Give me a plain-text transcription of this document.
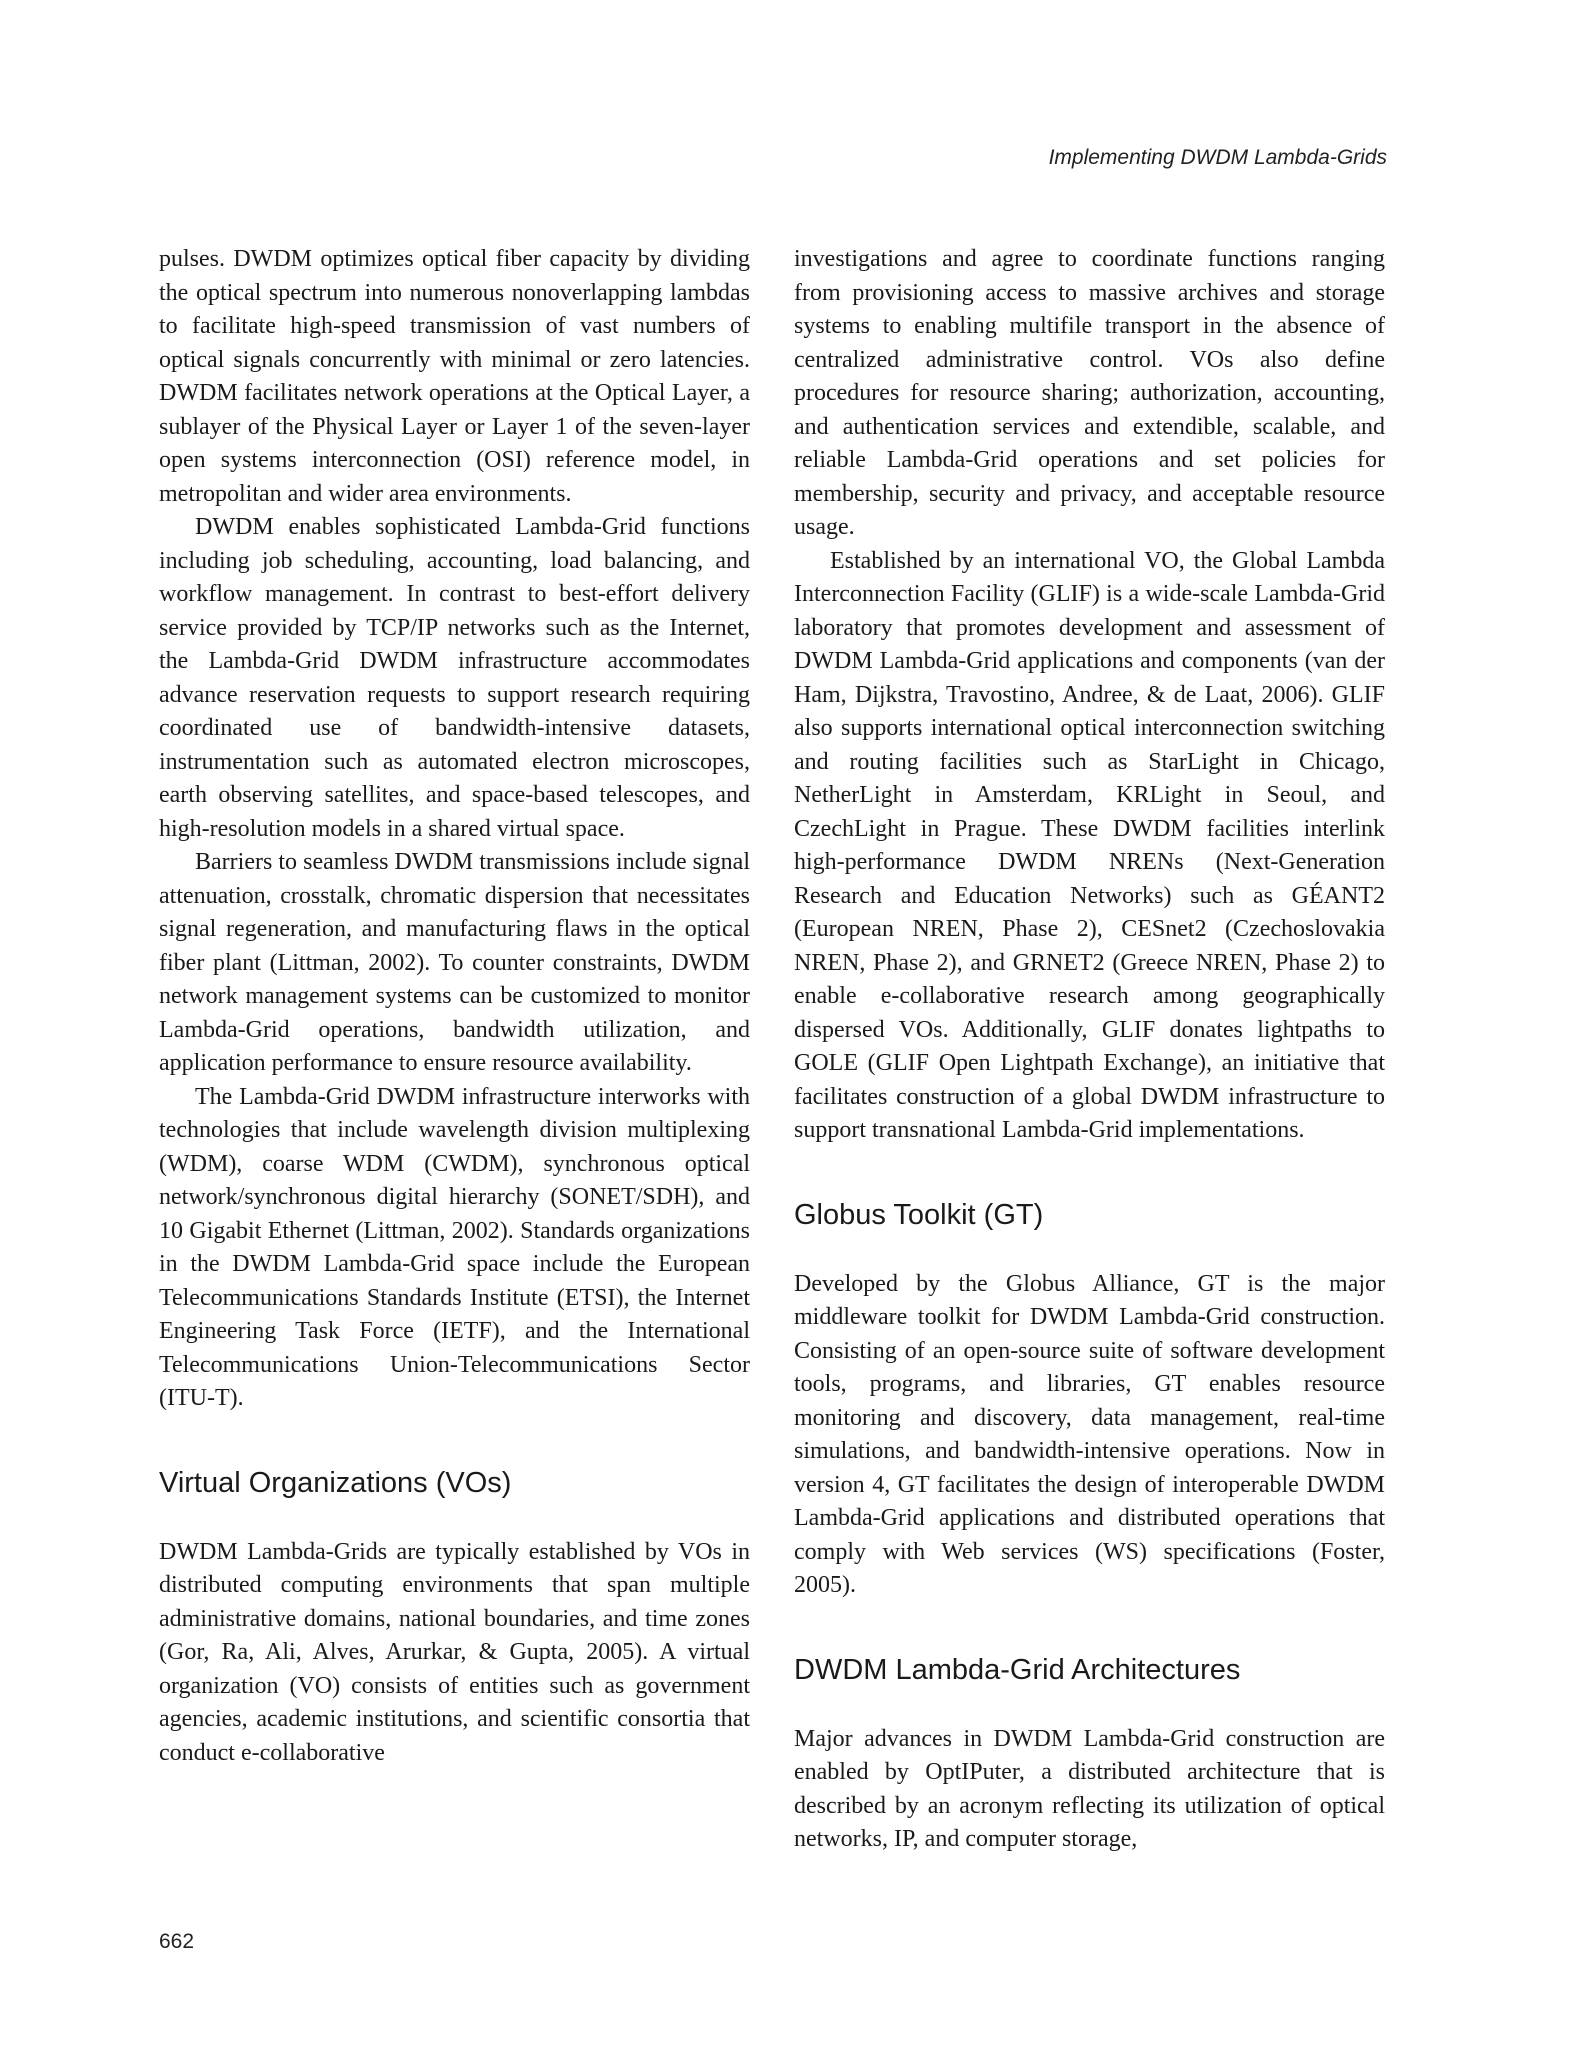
Implementing DWDM Lambda-Grids

pulses. DWDM optimizes optical fiber capacity by dividing the optical spectrum into numerous nonoverlapping lambdas to facilitate high-speed transmission of vast numbers of optical signals concurrently with minimal or zero latencies. DWDM facilitates network operations at the Optical Layer, a sublayer of the Physical Layer or Layer 1 of the seven-layer open systems interconnection (OSI) reference model, in metropolitan and wider area environments.

DWDM enables sophisticated Lambda-Grid functions including job scheduling, accounting, load balancing, and workflow management. In contrast to best-effort delivery service provided by TCP/IP networks such as the Internet, the Lambda-Grid DWDM infrastructure accommodates advance reservation requests to support research requiring coordinated use of bandwidth-intensive datasets, instrumentation such as automated electron microscopes, earth observing satellites, and space-based telescopes, and high-resolution models in a shared virtual space.

Barriers to seamless DWDM transmissions include signal attenuation, crosstalk, chromatic dispersion that necessitates signal regeneration, and manufacturing flaws in the optical fiber plant (Littman, 2002). To counter constraints, DWDM network management systems can be customized to monitor Lambda-Grid operations, bandwidth utilization, and application performance to ensure resource availability.

The Lambda-Grid DWDM infrastructure interworks with technologies that include wavelength division multiplexing (WDM), coarse WDM (CWDM), synchronous optical network/synchronous digital hierarchy (SONET/SDH), and 10 Gigabit Ethernet (Littman, 2002). Standards organizations in the DWDM Lambda-Grid space include the European Telecommunications Standards Institute (ETSI), the Internet Engineering Task Force (IETF), and the International Telecommunications Union-Telecommunications Sector (ITU-T).

Virtual Organizations (VOs)

DWDM Lambda-Grids are typically established by VOs in distributed computing environments that span multiple administrative domains, national boundaries, and time zones (Gor, Ra, Ali, Alves, Arurkar, & Gupta, 2005). A virtual organization (VO) consists of entities such as government agencies, academic institutions, and scientific consortia that conduct e-collaborative

investigations and agree to coordinate functions ranging from provisioning access to massive archives and storage systems to enabling multifile transport in the absence of centralized administrative control. VOs also define procedures for resource sharing; authorization, accounting, and authentication services and extendible, scalable, and reliable Lambda-Grid operations and set policies for membership, security and privacy, and acceptable resource usage.

Established by an international VO, the Global Lambda Interconnection Facility (GLIF) is a wide-scale Lambda-Grid laboratory that promotes development and assessment of DWDM Lambda-Grid applications and components (van der Ham, Dijkstra, Travostino, Andree, & de Laat, 2006). GLIF also supports international optical interconnection switching and routing facilities such as StarLight in Chicago, NetherLight in Amsterdam, KRLight in Seoul, and CzechLight in Prague. These DWDM facilities interlink high-performance DWDM NRENs (Next-Generation Research and Education Networks) such as GÉANT2 (European NREN, Phase 2), CESnet2 (Czechoslovakia NREN, Phase 2), and GRNET2 (Greece NREN, Phase 2) to enable e-collaborative research among geographically dispersed VOs. Additionally, GLIF donates lightpaths to GOLE (GLIF Open Lightpath Exchange), an initiative that facilitates construction of a global DWDM infrastructure to support transnational Lambda-Grid implementations.

Globus Toolkit (GT)

Developed by the Globus Alliance, GT is the major middleware toolkit for DWDM Lambda-Grid construction. Consisting of an open-source suite of software development tools, programs, and libraries, GT enables resource monitoring and discovery, data management, real-time simulations, and bandwidth-intensive operations. Now in version 4, GT facilitates the design of interoperable DWDM Lambda-Grid applications and distributed operations that comply with Web services (WS) specifications (Foster, 2005).

DWDM Lambda-Grid Architectures

Major advances in DWDM Lambda-Grid construction are enabled by OptIPuter, a distributed architecture that is described by an acronym reflecting its utilization of optical networks, IP, and computer storage,

662
